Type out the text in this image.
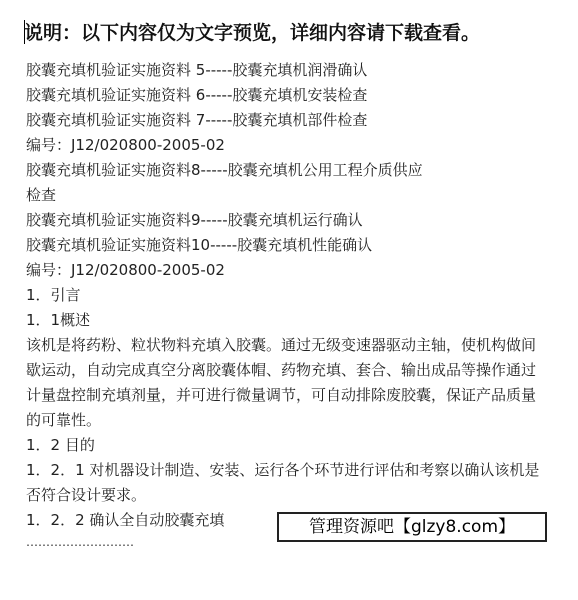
说明：以下内容仅为文字预览，详细内容请下载查看。
胶囊充填机验证实施资料 5-----胶囊充填机润滑确认
胶囊充填机验证实施资料 6-----胶囊充填机安装检查
胶囊充填机验证实施资料 7-----胶囊充填机部件检查
编号：J12/020800-2005-02
胶囊充填机验证实施资料8-----胶囊充填机公用工程介质供应
检查
胶囊充填机验证实施资料9-----胶囊充填机运行确认
胶囊充填机验证实施资料10-----胶囊充填机性能确认
编号：J12/020800-2005-02
1．引言
1．1概述
该机是将药粉、粒状物料充填入胶囊。通过无级变速器驱动主轴，使机构做间歇运动，自动完成真空分离胶囊体帽、药物充填、套合、输出成品等操作通过计量盘控制充填剂量，并可进行微量调节，可自动排除废胶囊，保证产品质量的可靠性。
1．2 目的
1．2．1 对机器设计制造、安装、运行各个环节进行评估和考察以确认该机是否符合设计要求。
1．2．2 确认全自动胶囊充填
………………………
管理资源吧【glzy8.com】
